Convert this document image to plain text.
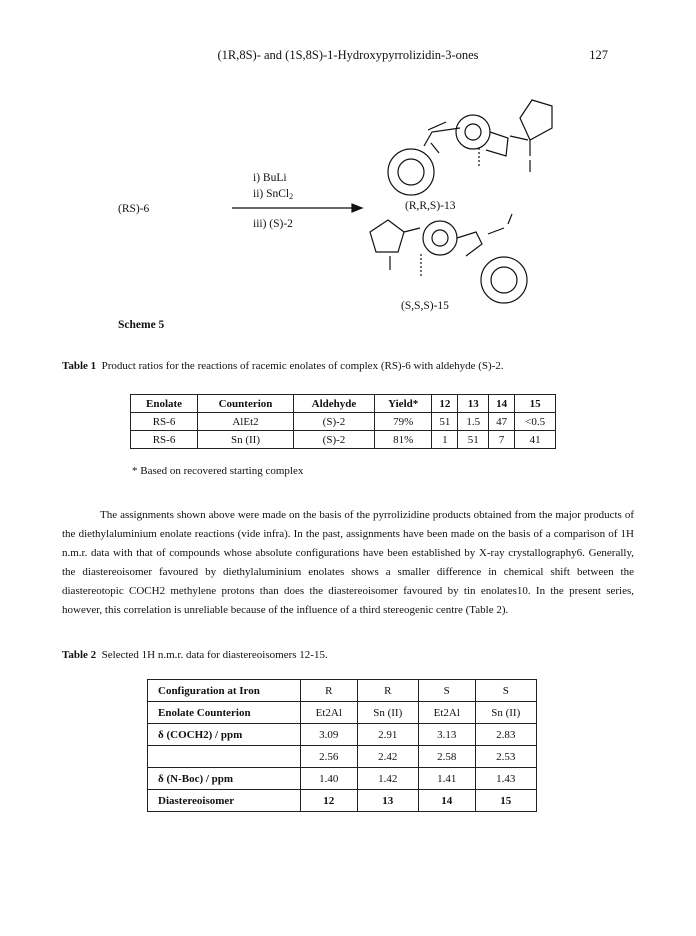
(1R,8S)- and (1S,8S)-1-Hydroxypyrrolizidin-3-ones	127
(RS)-6
i) BuLi
ii) SnCl$_2$
iii) (S)-2
(R,R,S)-13
(S,S,S)-15
Scheme 5
Table 1 Product ratios for the reactions of racemic enolates of complex (RS)-6 with aldehyde (S)-2.
Enolate	Counterion	Aldehyde	Yield*	12	13	14	15
RS-6	AlEt2	(S)-2	79%	51	1.5	47	<0.5
RS-6	Sn (II)	(S)-2	81%	1	51	7	41
* Based on recovered starting complex

The assignments shown above were made on the basis of the pyrrolizidine products obtained from the major products of the diethylaluminium enolate reactions (vide infra). In the past, assignments have been made on the basis of a comparison of 1H n.m.r. data with that of compounds whose absolute configurations have been established by X-ray crystallography6. Generally, the diastereoisomer favoured by diethylaluminium enolates shows a smaller difference in chemical shift between the diastereotopic COCH2 methylene protons than does the diastereoisomer favoured by tin enolates10. In the present series, however, this correlation is unreliable because of the influence of a third stereogenic centre (Table 2).

Table 2 Selected 1H n.m.r. data for diastereoisomers 12-15.
Configuration at Iron	R	R	S	S
Enolate Counterion	Et2Al	Sn (II)	Et2Al	Sn (II)
δ (COCH2) / ppm	3.09	2.91	3.13	2.83
	2.56	2.42	2.58	2.53
δ (N-Boc) / ppm	1.40	1.42	1.41	1.43
Diastereoisomer	12	13	14	15
